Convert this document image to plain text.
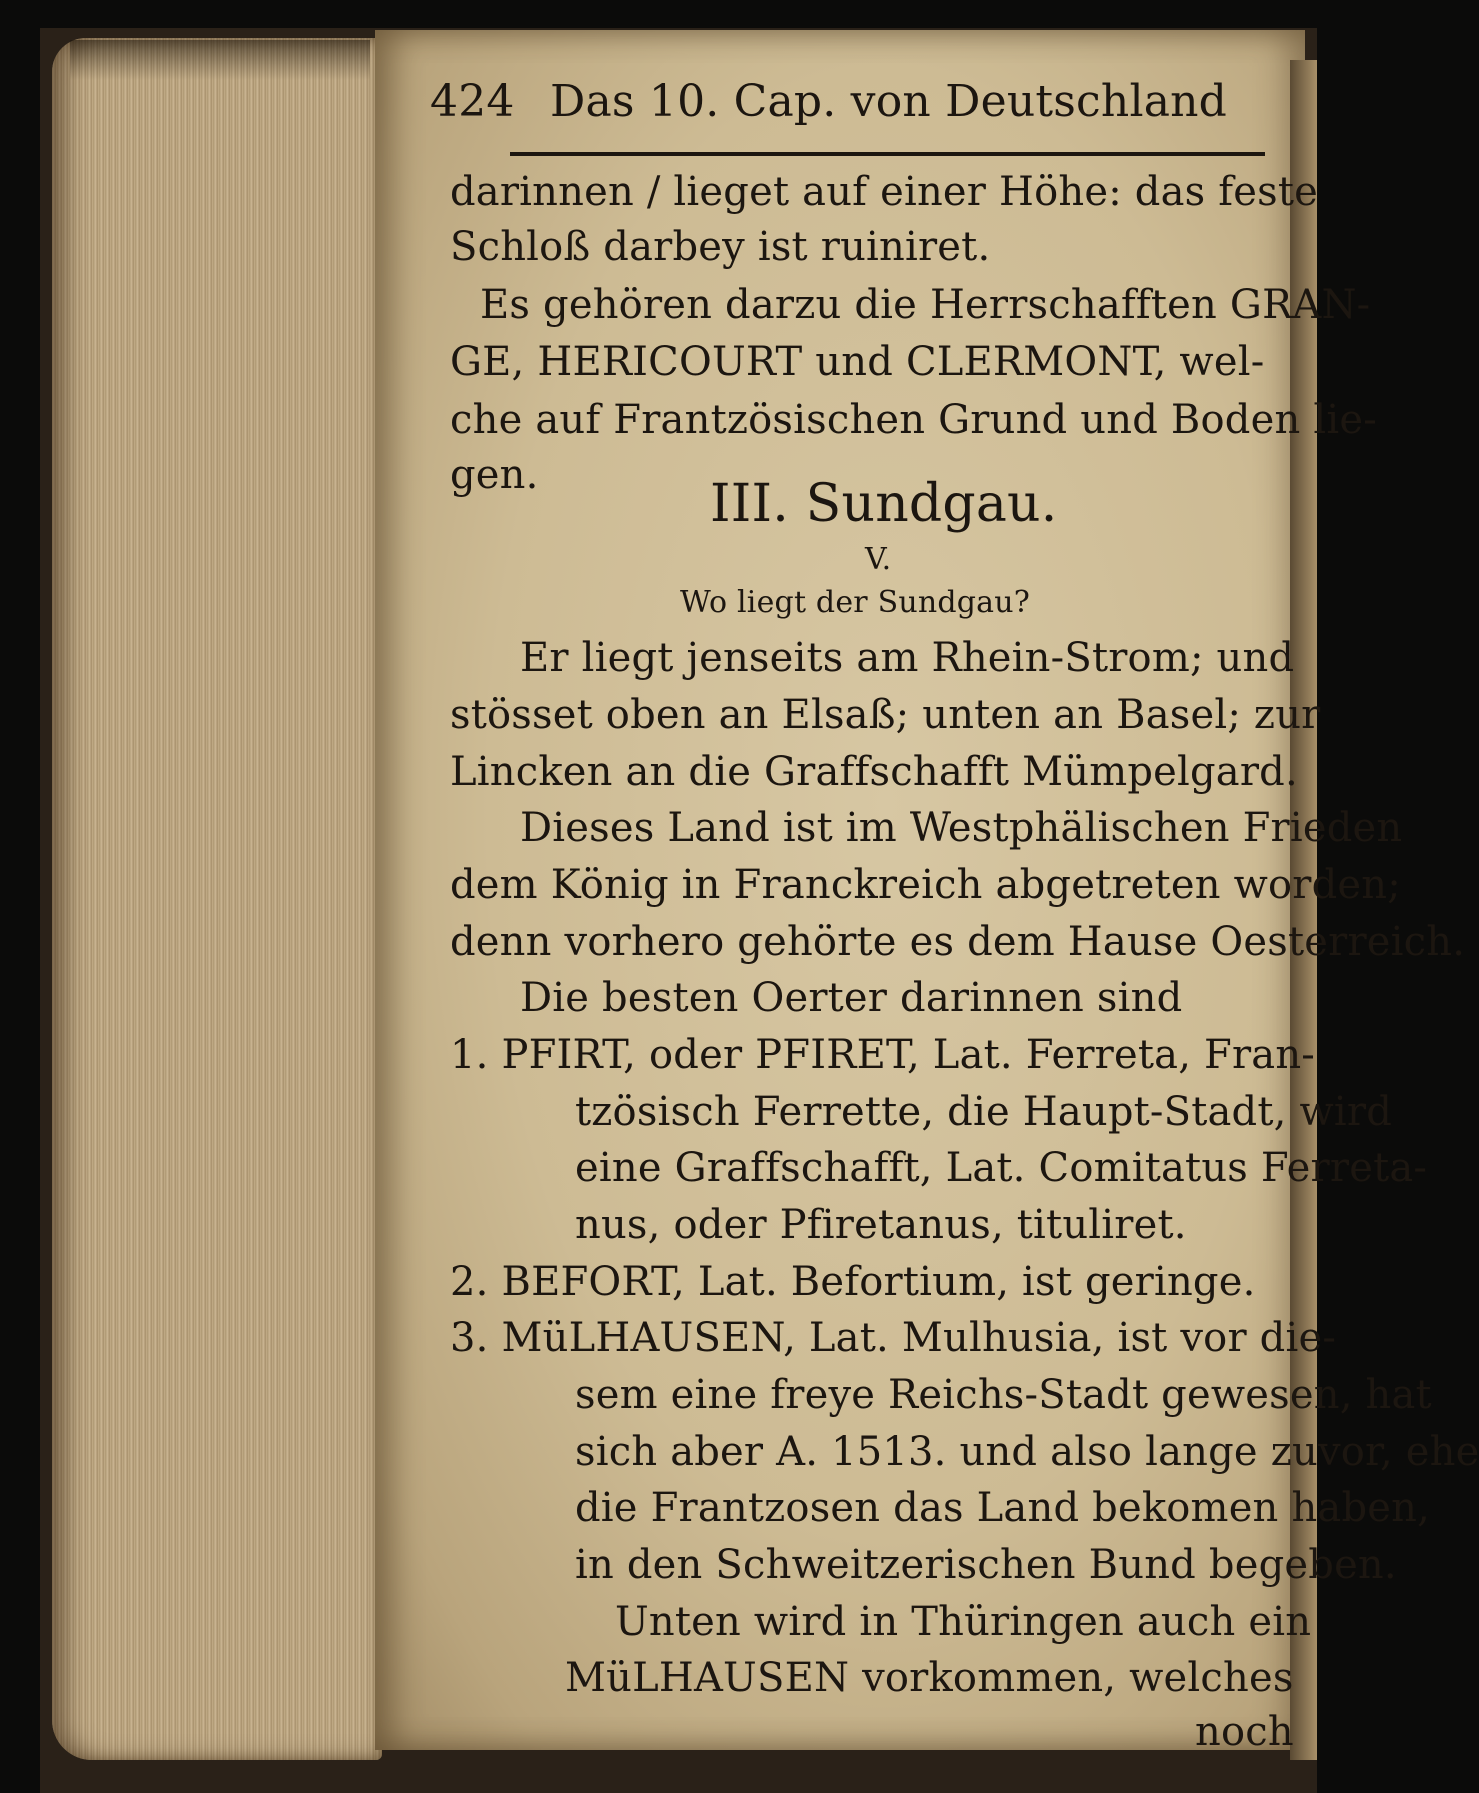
424 Das 10. Cap. von Deutschland
darinnen / lieget auf einer Höhe: das feste
Schloß darbey ist ruiniret.
Es gehören darzu die Herrschafften GRAN-
GE, HERICOURT und CLERMONT, wel-
che auf Frantzösischen Grund und Boden lie-
gen.	III. Sundgau.
V.
Wo liegt der Sundgau?
Er liegt jenseits am Rhein-Strom; und
stösset oben an Elsaß; unten an Basel; zur
Lincken an die Graffschafft Mümpelgard.
Dieses Land ist im Westphälischen Frieden
dem König in Franckreich abgetreten worden;
denn vorhero gehörte es dem Hause Oesterreich.
Die besten Oerter darinnen sind
1. PFIRT, oder PFIRET, Lat. Ferreta, Fran-
tzösisch Ferrette, die Haupt-Stadt, wird
eine Graffschafft, Lat. Comitatus Ferreta-
nus, oder Pfiretanus, tituliret.
2. BEFORT, Lat. Befortium, ist geringe.
3. MüLHAUSEN, Lat. Mulhusia, ist vor die-
sem eine freye Reichs-Stadt gewesen, hat
sich aber A. 1513. und also lange zuvor, ehe
die Frantzosen das Land bekomen haben,
in den Schweitzerischen Bund begeben.
Unten wird in Thüringen auch ein
MüLHAUSEN vorkommen, welches
noch
